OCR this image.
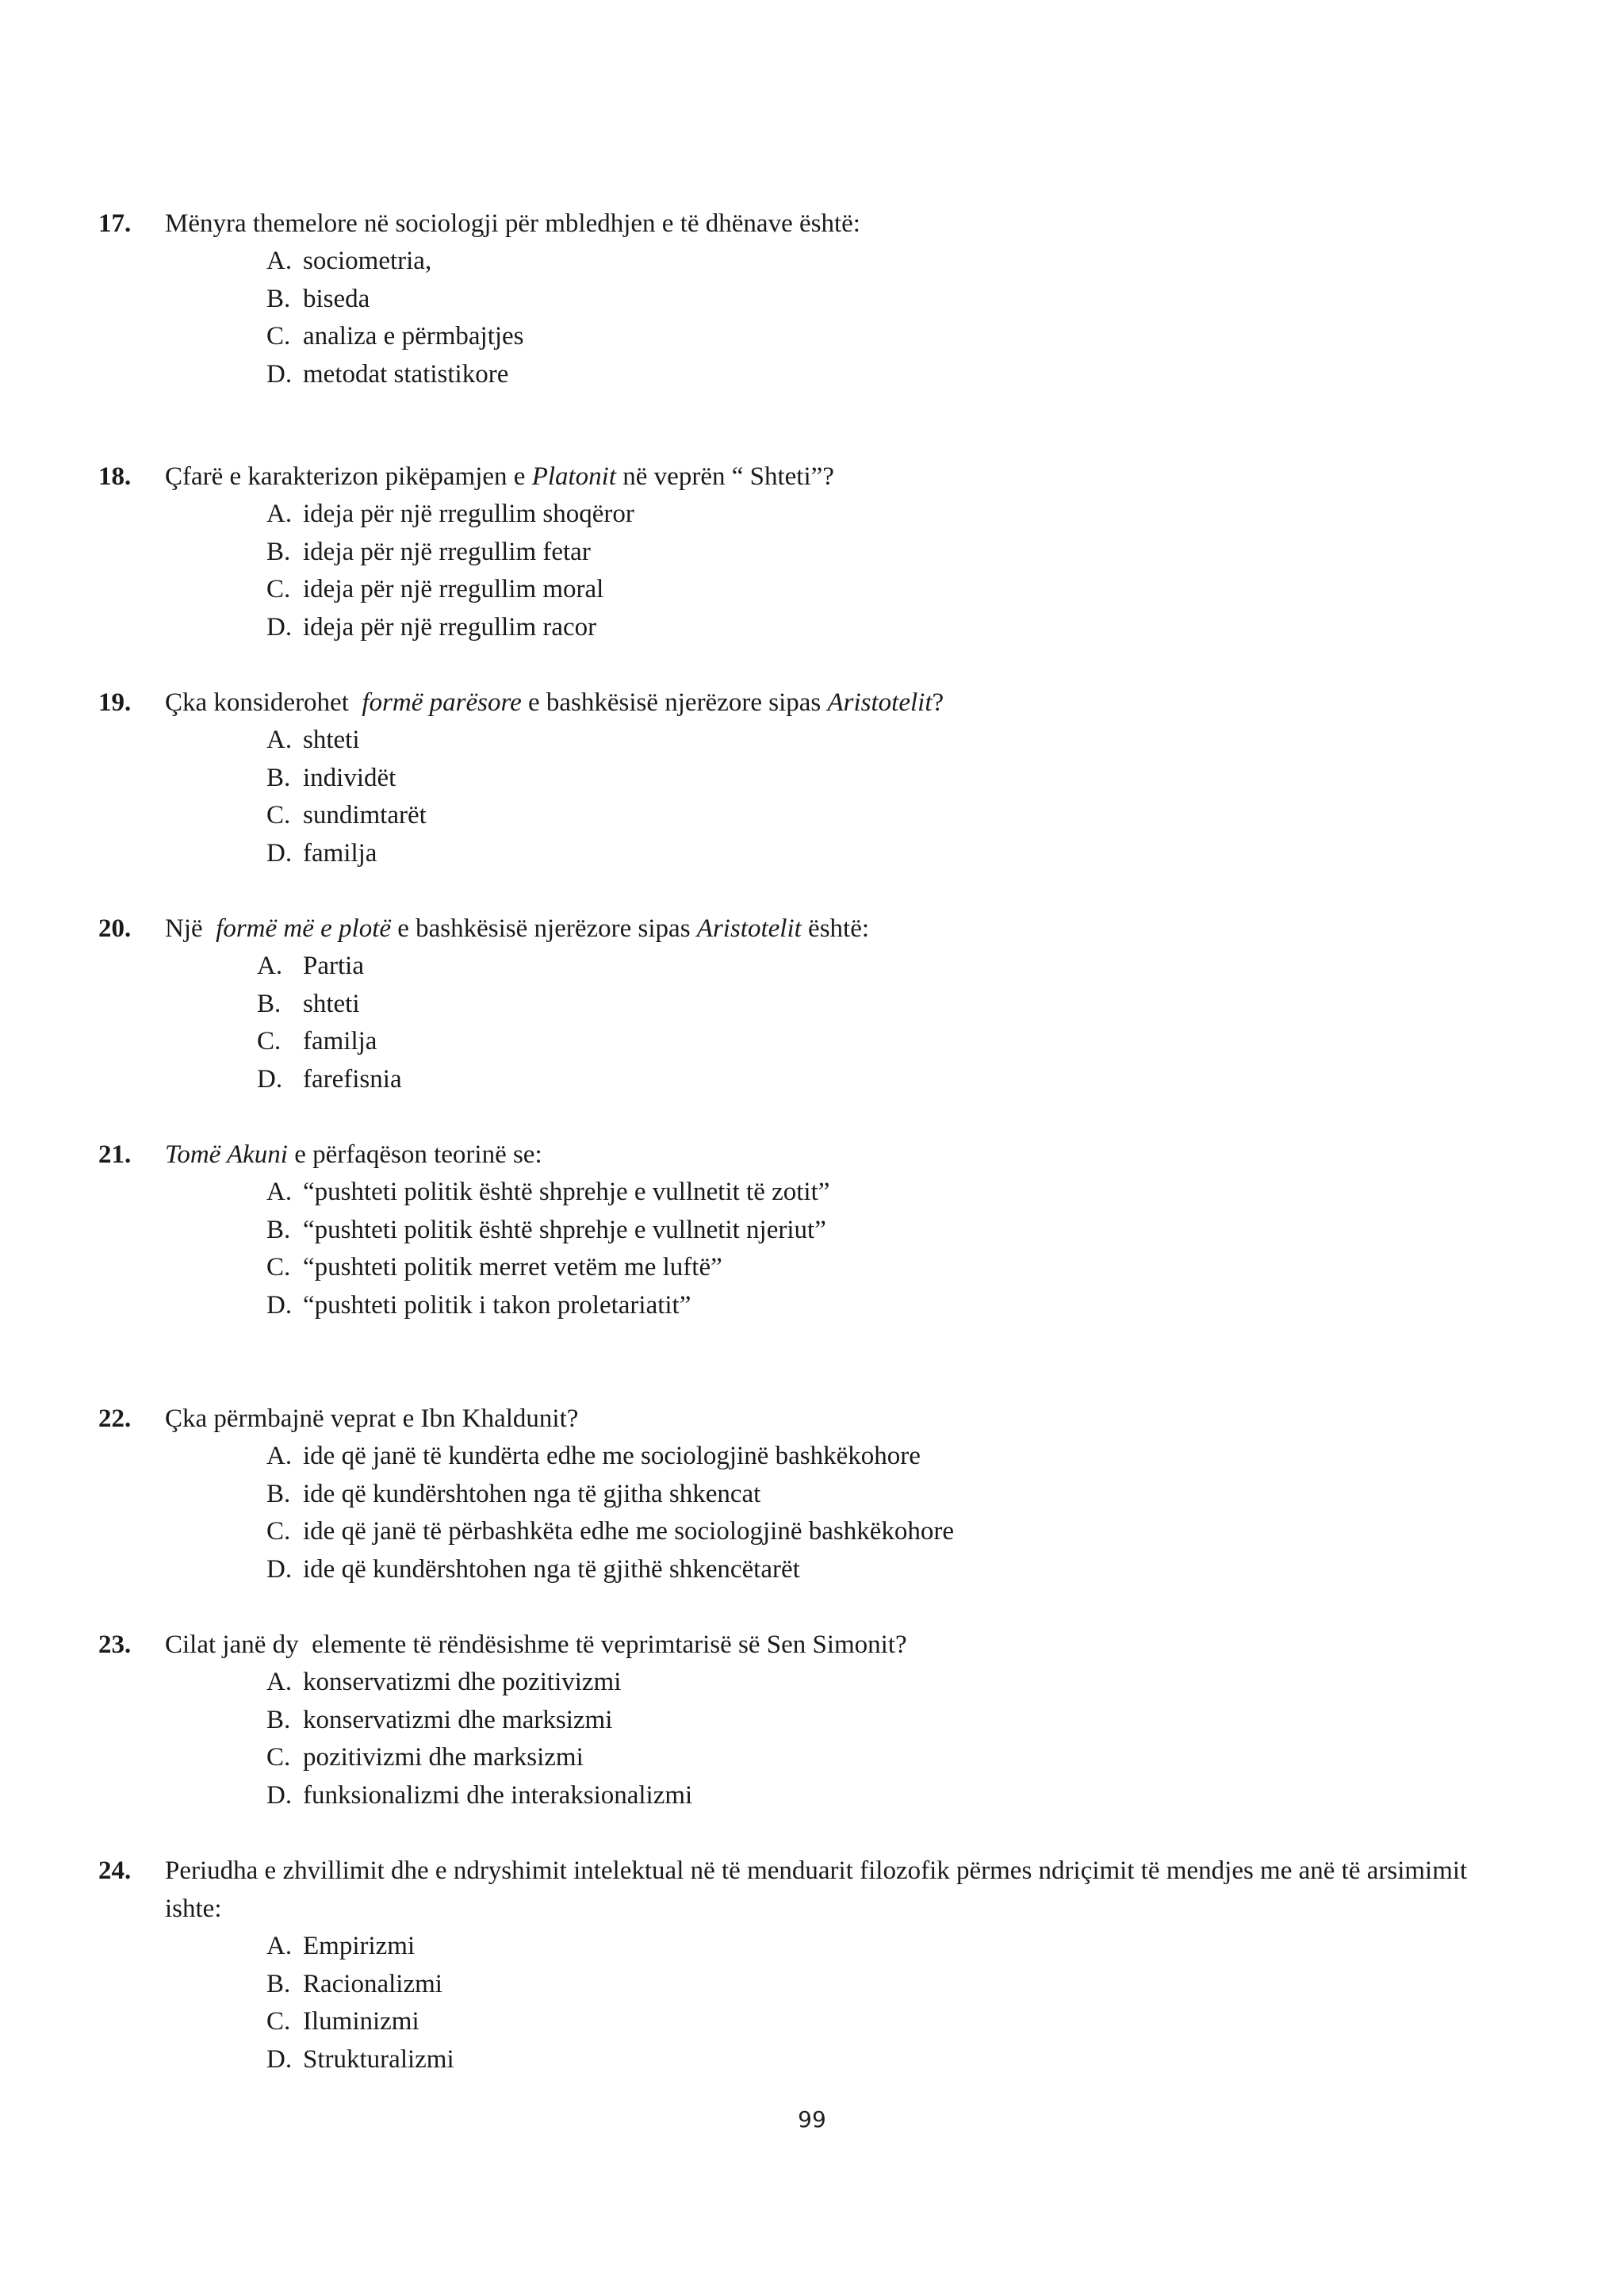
17. Mënyra themelore në sociologji për mbledhjen e të dhënave është:
A. sociometria,
B. biseda
C. analiza e përmbajtjes
D. metodat statistikore
18. Çfarë e karakterizon pikëpamjen e Platonit në veprën “ Shteti”?
A. ideja për një rregullim shoqëror
B. ideja për një rregullim fetar
C. ideja për një rregullim moral
D. ideja për një rregullim racor
19. Çka konsiderohet  formë parësore e bashkësisë njerëzore sipas Aristotelit?
A. shteti
B. individët
C. sundimtarët
D. familja
20. Një  formë më e plotë e bashkësisë njerëzore sipas Aristotelit është:
A. Partia
B. shteti
C. familja
D. farefisnia
21. Tomë Akuni e përfaqëson teorinë se:
A. “pushteti politik është shprehje e vullnetit të zotit”
B. “pushteti politik është shprehje e vullnetit njeriut”
C. “pushteti politik merret vetëm me luftë”
D. “pushteti politik i takon proletariatit”
22. Çka përmbajnë veprat e Ibn Khaldunit?
A. ide që janë të kundërta edhe me sociologjinë bashkëkohore
B. ide që kundërshtohen nga të gjitha shkencat
C. ide që janë të përbashkëta edhe me sociologjinë bashkëkohore
D. ide që kundërshtohen nga të gjithë shkencëtarët
23. Cilat janë dy  elemente të rëndësishme të veprimtarisë së Sen Simonit?
A. konservatizmi dhe pozitivizmi
B. konservatizmi dhe marksizmi
C. pozitivizmi dhe marksizmi
D. funksionalizmi dhe interaksionalizmi
24. Periudha e zhvillimit dhe e ndryshimit intelektual në të menduarit filozofik përmes ndriçimit të mendjes me anë të arsimimit ishte:
A. Empirizmi
B. Racionalizmi
C. Iluminizmi
D. Strukturalizmi
99
